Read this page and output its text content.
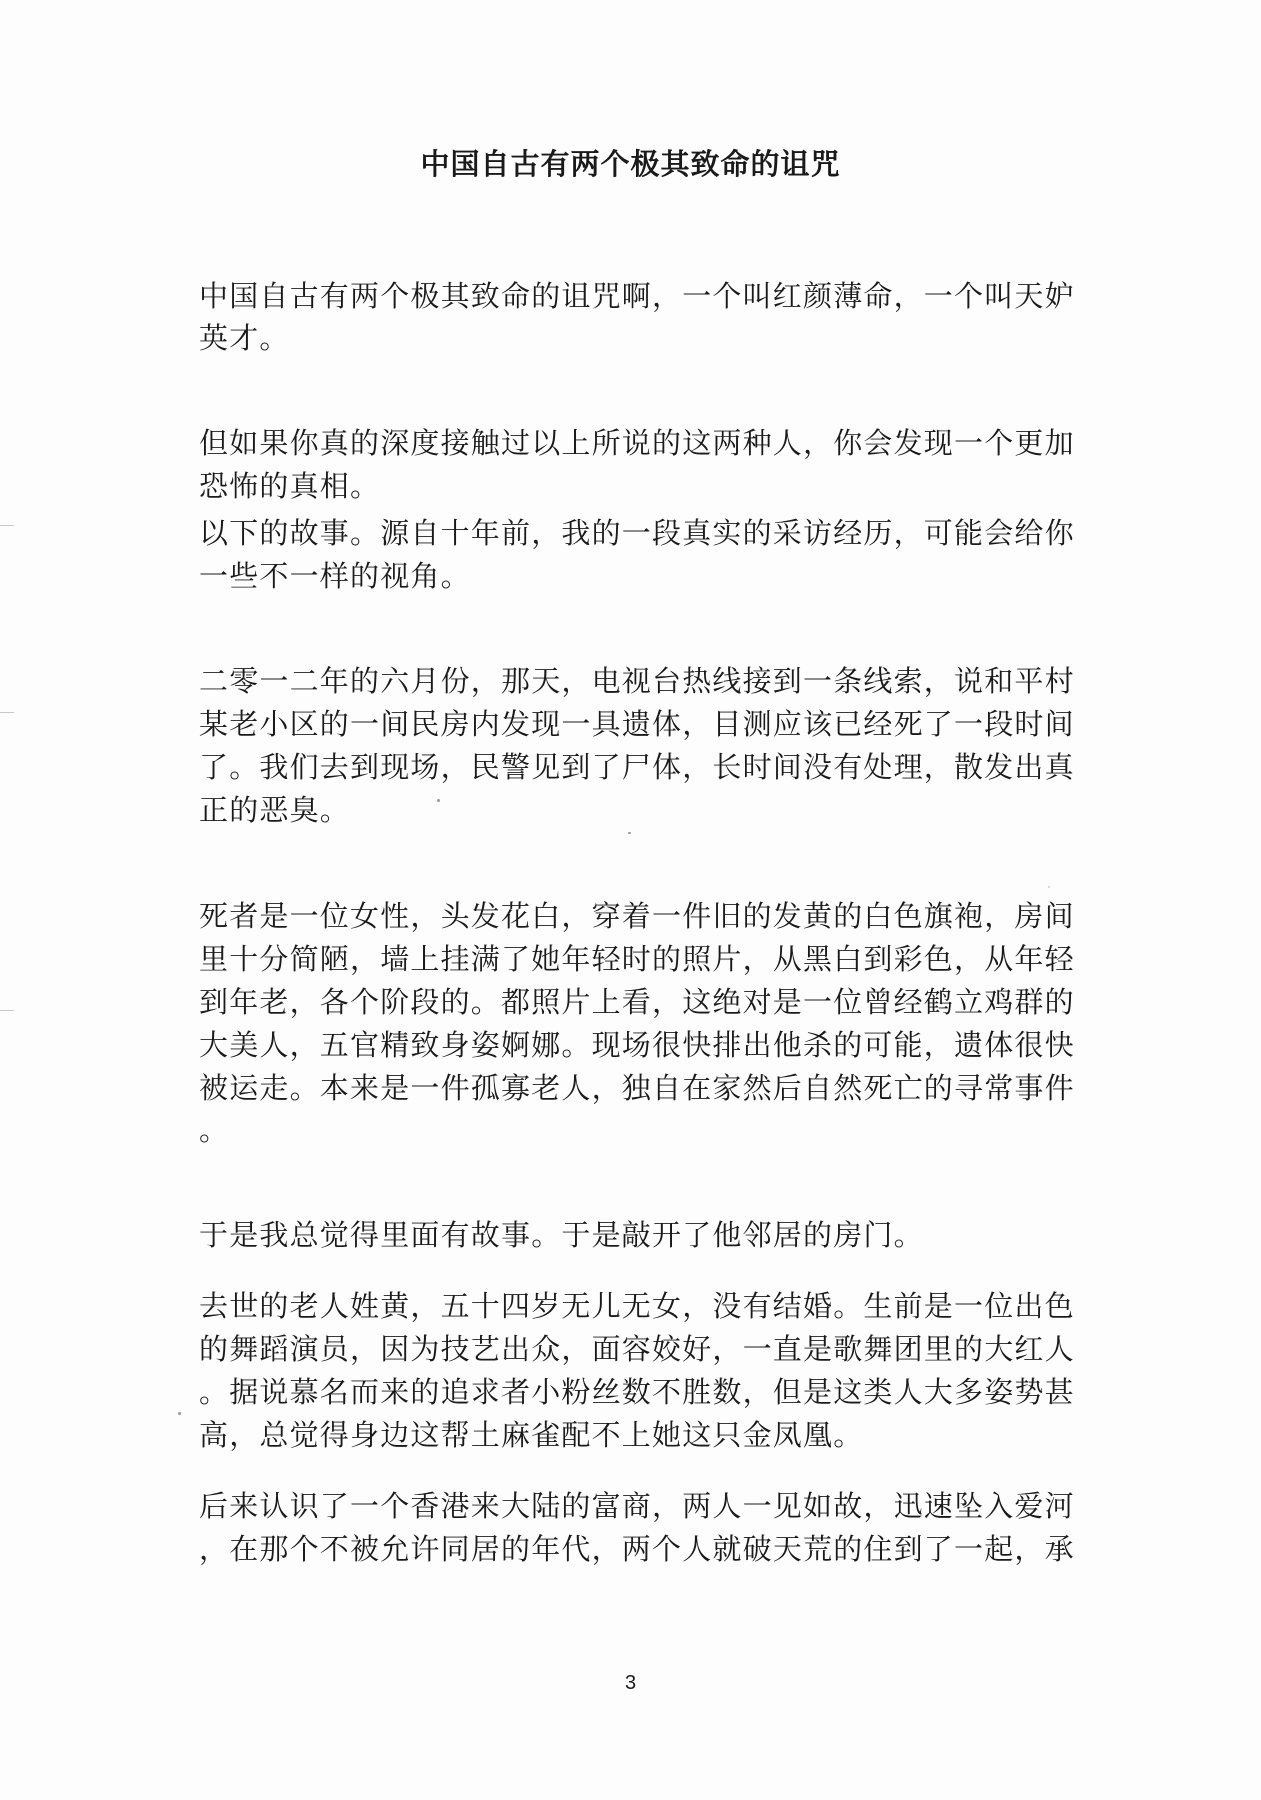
中国自古有两个极其致命的诅咒
中国自古有两个极其致命的诅咒啊，一个叫红颜薄命，一个叫天妒
英才。
但如果你真的深度接触过以上所说的这两种人，你会发现一个更加
恐怖的真相。
以下的故事。源自十年前，我的一段真实的采访经历，可能会给你
一些不一样的视角。
二零一二年的六月份，那天，电视台热线接到一条线索，说和平村
某老小区的一间民房内发现一具遗体，目测应该已经死了一段时间
了。我们去到现场，民警见到了尸体，长时间没有处理，散发出真
正的恶臭。
死者是一位女性，头发花白，穿着一件旧的发黄的白色旗袍，房间
里十分简陋，墙上挂满了她年轻时的照片，从黑白到彩色，从年轻
到年老，各个阶段的。都照片上看，这绝对是一位曾经鹤立鸡群的
大美人，五官精致身姿婀娜。现场很快排出他杀的可能，遗体很快
被运走。本来是一件孤寡老人，独自在家然后自然死亡的寻常事件
。
于是我总觉得里面有故事。于是敲开了他邻居的房门。
去世的老人姓黄，五十四岁无儿无女，没有结婚。生前是一位出色
的舞蹈演员，因为技艺出众，面容姣好，一直是歌舞团里的大红人
。据说慕名而来的追求者小粉丝数不胜数，但是这类人大多姿势甚
高，总觉得身边这帮土麻雀配不上她这只金凤凰。
后来认识了一个香港来大陆的富商，两人一见如故，迅速坠入爱河
，在那个不被允许同居的年代，两个人就破天荒的住到了一起，承
3
